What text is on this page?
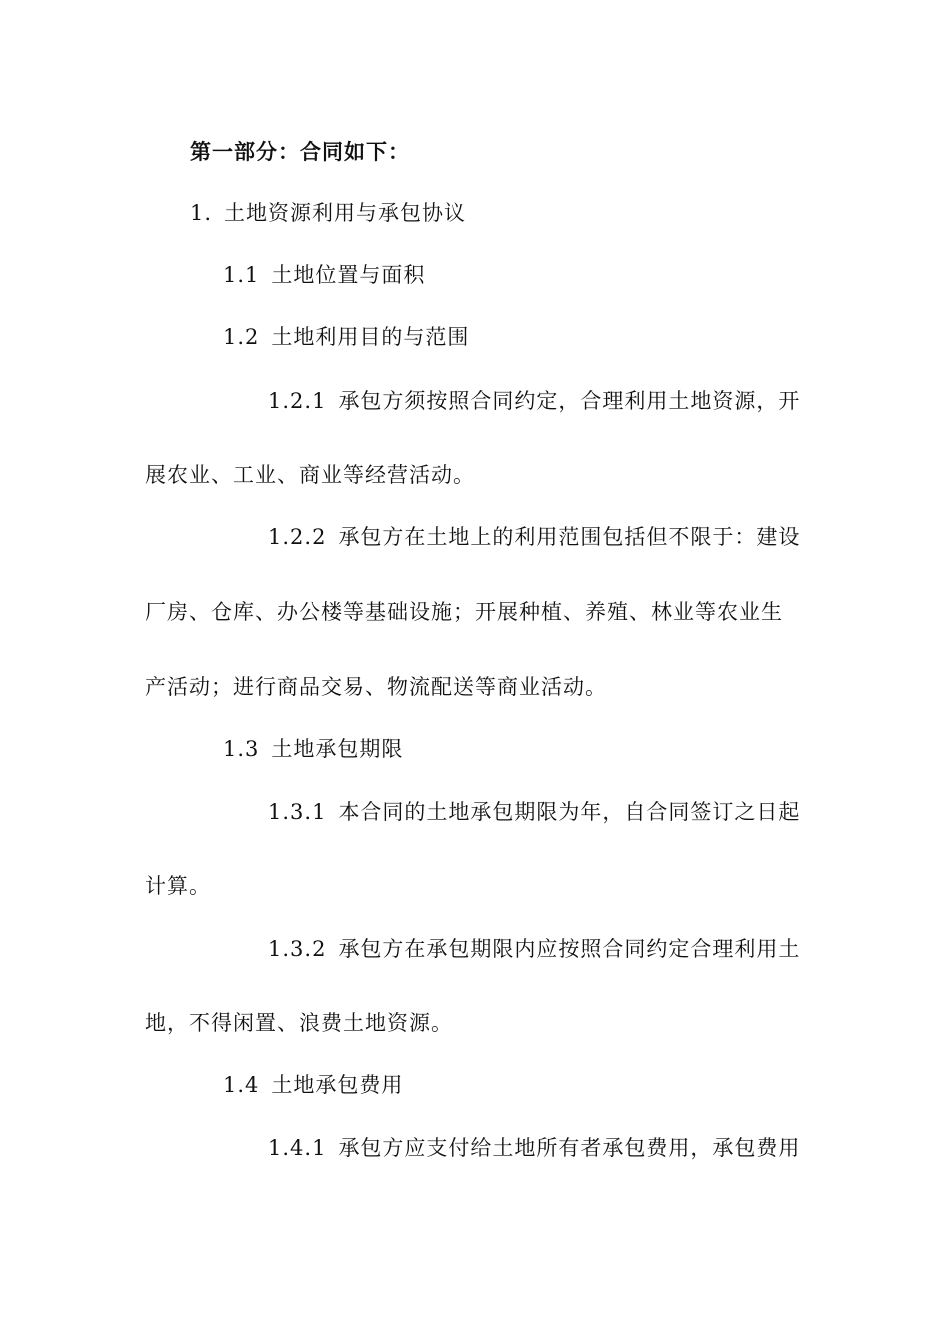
第一部分：合同如下：
1. 土地资源利用与承包协议
1.1 土地位置与面积
1.2 土地利用目的与范围
1.2.1 承包方须按照合同约定，合理利用土地资源，开
展农业、工业、商业等经营活动。
1.2.2 承包方在土地上的利用范围包括但不限于：建设
厂房、仓库、办公楼等基础设施；开展种植、养殖、林业等农业生
产活动；进行商品交易、物流配送等商业活动。
1.3 土地承包期限
1.3.1 本合同的土地承包期限为年，自合同签订之日起
计算。
1.3.2 承包方在承包期限内应按照合同约定合理利用土
地，不得闲置、浪费土地资源。
1.4 土地承包费用
1.4.1 承包方应支付给土地所有者承包费用，承包费用
